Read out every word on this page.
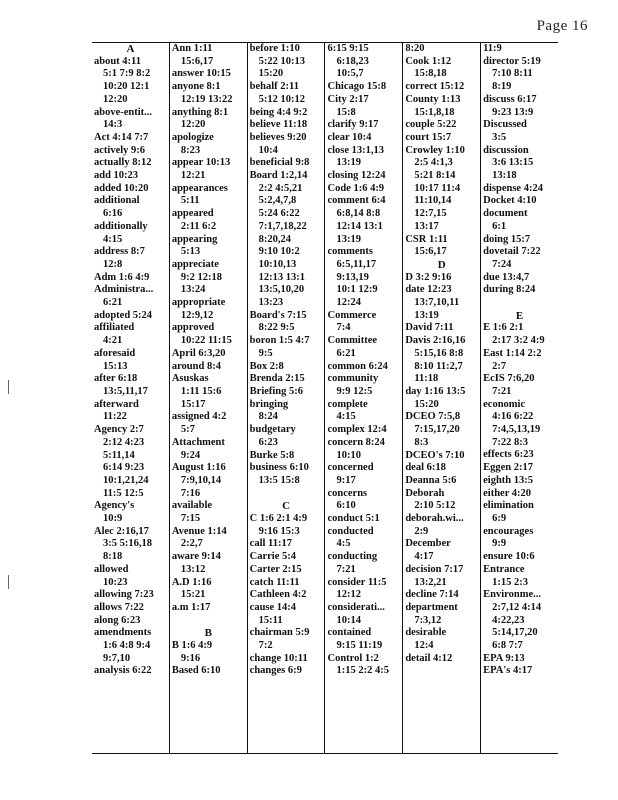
Page 16
A
about 4:11
5:1 7:9 8:2
10:20 12:1
12:20
above-entit...
14:3
Act 4:14 7:7
actively 9:6
actually 8:12
add 10:23
added 10:20
additional
6:16
additionally
4:15
address 8:7
12:8
Adm 1:6 4:9
Administra...
6:21
adopted 5:24
affiliated
4:21
aforesaid
15:13
after 6:18
13:5,11,17
afterward
11:22
Agency 2:7
2:12 4:23
5:11,14
6:14 9:23
10:1,21,24
11:5 12:5
Agency's
10:9
Alec 2:16,17
3:5 5:16,18
8:18
allowed
10:23
allowing 7:23
allows 7:22
along 6:23
amendments
1:6 4:8 9:4
9:7,10
analysis 6:22
Ann 1:11
15:6,17
answer 10:15
anyone 8:1
12:19 13:22
anything 8:1
12:20
apologize
8:23
appear 10:13
12:21
appearances
5:11
appeared
2:11 6:2
appearing
5:13
appreciate
9:2 12:18
13:24
appropriate
12:9,12
approved
10:22 11:15
April 6:3,20
around 8:4
Asuskas
1:11 15:6
15:17
assigned 4:2
5:7
Attachment
9:24
August 1:16
7:9,10,14
7:16
available
7:15
Avenue 1:14
2:2,7
aware 9:14
13:12
A.D 1:16
15:21
a.m 1:17
B
B 1:6 4:9
9:16
Based 6:10
before 1:10
5:22 10:13
15:20
behalf 2:11
5:12 10:12
being 4:4 9:2
believe 11:18
believes 9:20
10:4
beneficial 9:8
Board 1:2,14
2:2 4:5,21
5:2,4,7,8
5:24 6:22
7:1,7,18,22
8:20,24
9:10 10:2
10:10,13
12:13 13:1
13:5,10,20
13:23
Board's 7:15
8:22 9:5
boron 1:5 4:7
9:5
Box 2:8
Brenda 2:15
Briefing 5:6
bringing
8:24
budgetary
6:23
Burke 5:8
business 6:10
13:5 15:8
C
C 1:6 2:1 4:9
9:16 15:3
call 11:17
Carrie 5:4
Carter 2:15
catch 11:11
Cathleen 4:2
cause 14:4
15:11
chairman 5:9
7:2
change 10:11
changes 6:9
6:15 9:15
6:18,23
10:5,7
Chicago 15:8
City 2:17
15:8
clarify 9:17
clear 10:4
close 13:1,13
13:19
closing 12:24
Code 1:6 4:9
comment 6:4
6:8,14 8:8
12:14 13:1
13:19
comments
6:5,11,17
9:13,19
10:1 12:9
12:24
Commerce
7:4
Committee
6:21
common 6:24
community
9:9 12:5
complete
4:15
complex 12:4
concern 8:24
10:10
concerned
9:17
concerns
6:10
conduct 5:1
conducted
4:5
conducting
7:21
consider 11:5
12:12
considerati...
10:14
contained
9:15 11:19
Control 1:2
1:15 2:2 4:5
8:20
Cook 1:12
15:8,18
correct 15:12
County 1:13
15:1,8,18
couple 5:22
court 15:7
Crowley 1:10
2:5 4:1,3
5:21 8:14
10:17 11:4
11:10,14
12:7,15
13:17
CSR 1:11
15:6,17
D
D 3:2 9:16
date 12:23
13:7,10,11
13:19
David 7:11
Davis 2:16,16
5:15,16 8:8
8:10 11:2,7
11:18
day 1:16 13:5
15:20
DCEO 7:5,8
7:15,17,20
8:3
DCEO's 7:10
deal 6:18
Deanna 5:6
Deborah
2:10 5:12
deborah.wi...
2:9
December
4:17
decision 7:17
13:2,21
decline 7:14
department
7:3,12
desirable
12:4
detail 4:12
11:9
director 5:19
7:10 8:11
8:19
discuss 6:17
9:23 13:9
Discussed
3:5
discussion
3:6 13:15
13:18
dispense 4:24
Docket 4:10
document
6:1
doing 15:7
dovetail 7:22
7:24
due 13:4,7
during 8:24
E
E 1:6 2:1
2:17 3:2 4:9
East 1:14 2:2
2:7
EcIS 7:6,20
7:21
economic
4:16 6:22
7:4,5,13,19
7:22 8:3
effects 6:23
Eggen 2:17
eighth 13:5
either 4:20
elimination
6:9
encourages
9:9
ensure 10:6
Entrance
1:15 2:3
Environme...
2:7,12 4:14
4:22,23
5:14,17,20
6:8 7:7
EPA 9:13
EPA's 4:17
